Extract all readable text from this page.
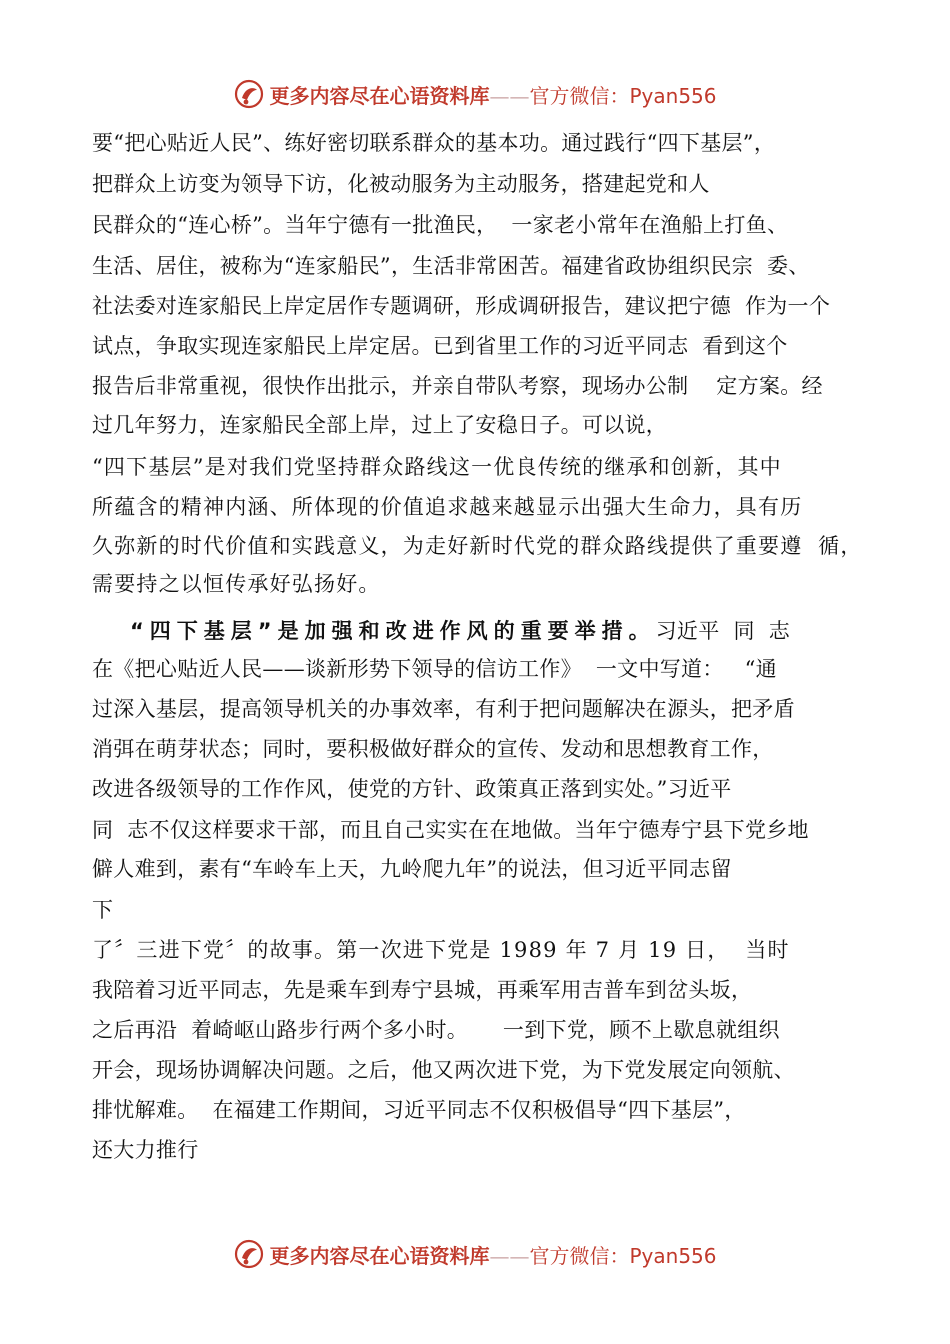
更多内容尽在心语资料库——官方微信：Pyan556
要“把心贴近人民”、练好密切联系群众的基本功。通过践行“四下基层”，
把群众上访变为领导下访，化被动服务为主动服务，搭建起党和人
民群众的“连心桥”。当年宁德有一批渔民，  一家老小常年在渔船上打鱼、
生活、居住，被称为“连家船民”，生活非常困苦。福建省政协组织民宗  委、
社法委对连家船民上岸定居作专题调研，形成调研报告，建议把宁德  作为一个
试点，争取实现连家船民上岸定居。已到省里工作的习近平同志  看到这个
报告后非常重视，很快作出批示，并亲自带队考察，现场办公制    定方案。经
过几年努力，连家船民全部上岸，过上了安稳日子。可以说，
“四下基层”是对我们党坚持群众路线这一优良传统的继承和创新，其中
所蕴含的精神内涵、所体现的价值追求越来越显示出强大生命力，具有历
久弥新的时代价值和实践意义，为走好新时代党的群众路线提供了重要遵  循，
需要持之以恒传承好弘扬好。
“四下基层”是加强和改进作风的重要举措。习近平  同  志
在《把心贴近人民——谈新形势下领导的信访工作》  一文中写道：   “通
过深入基层，提高领导机关的办事效率，有利于把问题解决在源头，把矛盾
消弭在萌芽状态；同时，要积极做好群众的宣传、发动和思想教育工作，
改进各级领导的工作作风，使党的方针、政策真正落到实处。”习近平
同  志不仅这样要求干部，而且自己实实在在地做。当年宁德寿宁县下党乡地
僻人难到，素有“车岭车上天，九岭爬九年”的说法，但习近平同志留
下
了〞三进下党〞的故事。第一次进下党是 1989 年 7 月 19 日，  当时
我陪着习近平同志，先是乘车到寿宁县城，再乘军用吉普车到岔头坂，
之后再沿  着崎岖山路步行两个多小时。     一到下党，顾不上歇息就组织
开会，现场协调解决问题。之后，他又两次进下党，为下党发展定向领航、
排忧解难。  在福建工作期间，习近平同志不仅积极倡导“四下基层”，
还大力推行
更多内容尽在心语资料库——官方微信：Pyan556
